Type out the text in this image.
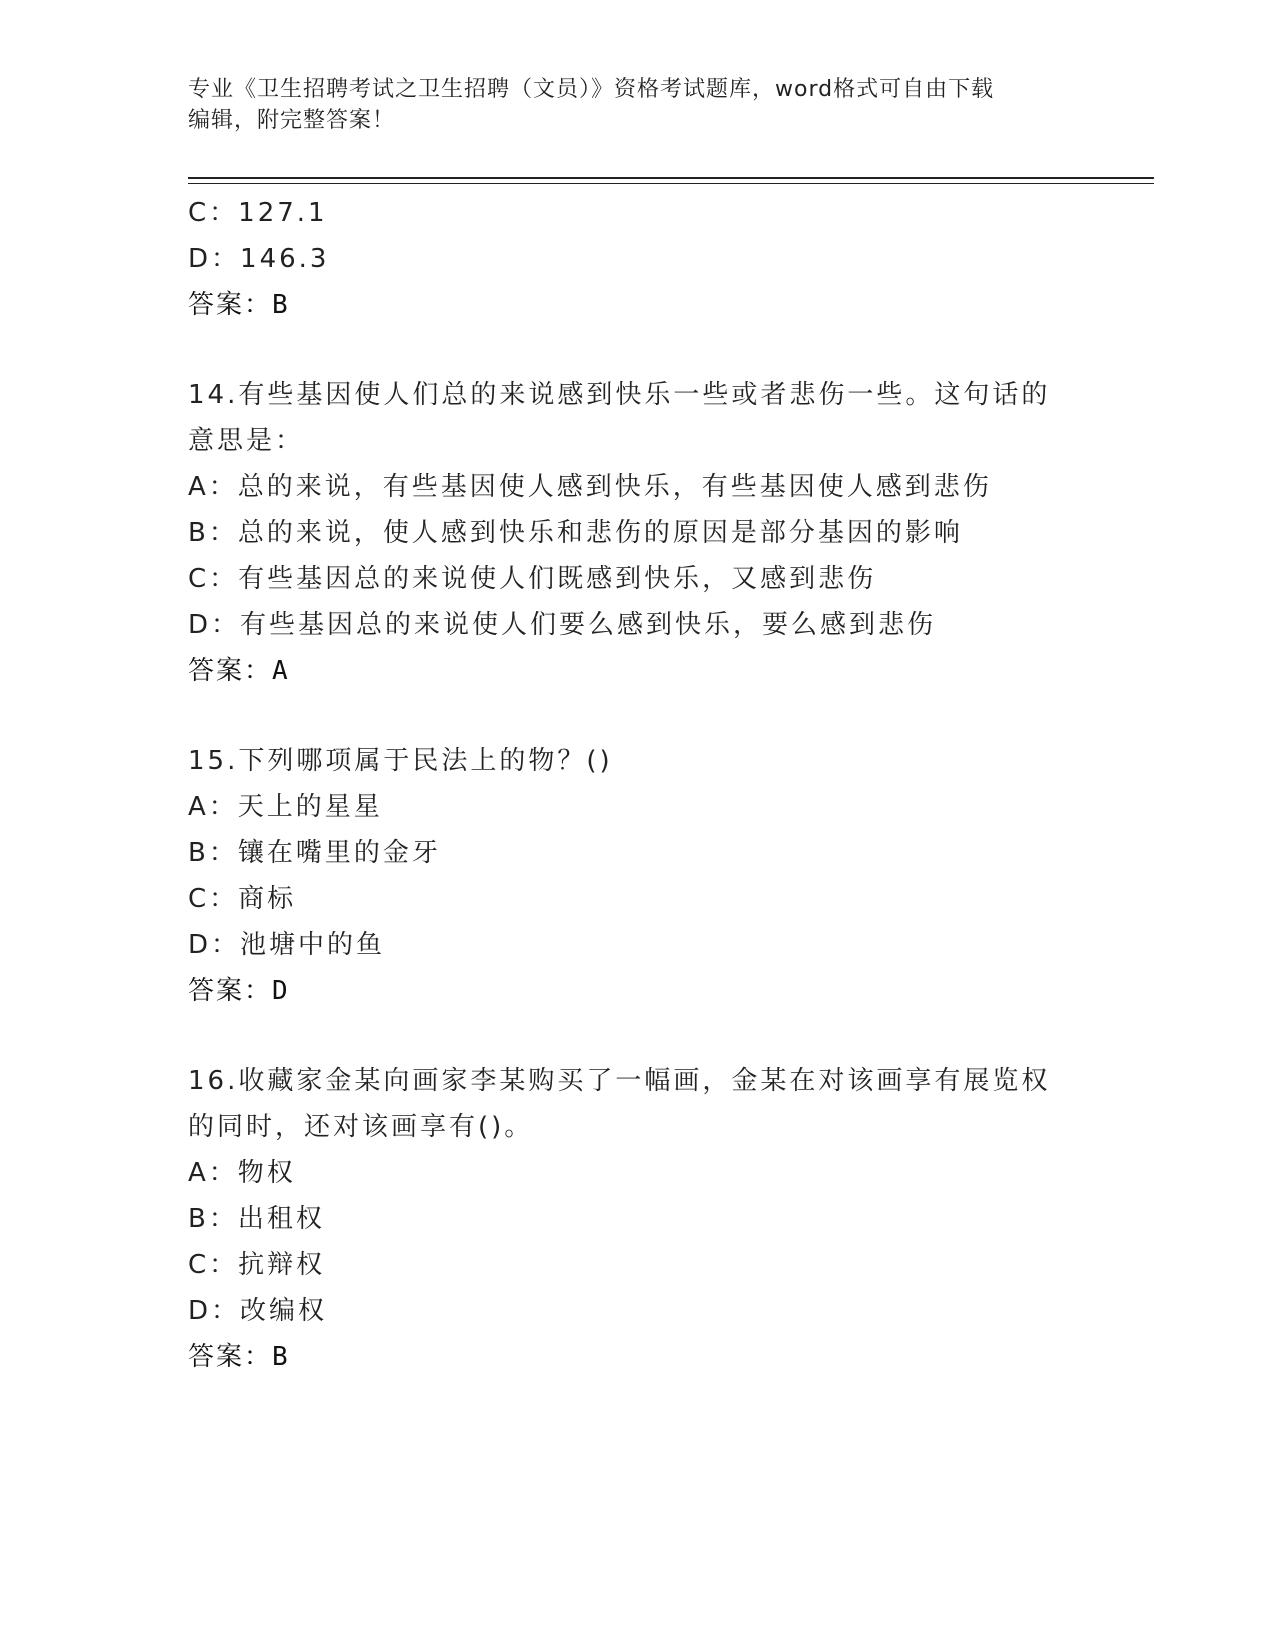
专业《卫生招聘考试之卫生招聘（文员）》资格考试题库，word格式可自由下载
编辑，附完整答案！
C：127.1
D：146.3
答案：B
14.有些基因使人们总的来说感到快乐一些或者悲伤一些。这句话的意思是：
A：总的来说，有些基因使人感到快乐，有些基因使人感到悲伤
B：总的来说，使人感到快乐和悲伤的原因是部分基因的影响
C：有些基因总的来说使人们既感到快乐，又感到悲伤
D：有些基因总的来说使人们要么感到快乐，要么感到悲伤
答案：A
15.下列哪项属于民法上的物？()
A：天上的星星
B：镶在嘴里的金牙
C：商标
D：池塘中的鱼
答案：D
16.收藏家金某向画家李某购买了一幅画，金某在对该画享有展览权的同时，还对该画享有()。
A：物权
B：出租权
C：抗辩权
D：改编权
答案：B
